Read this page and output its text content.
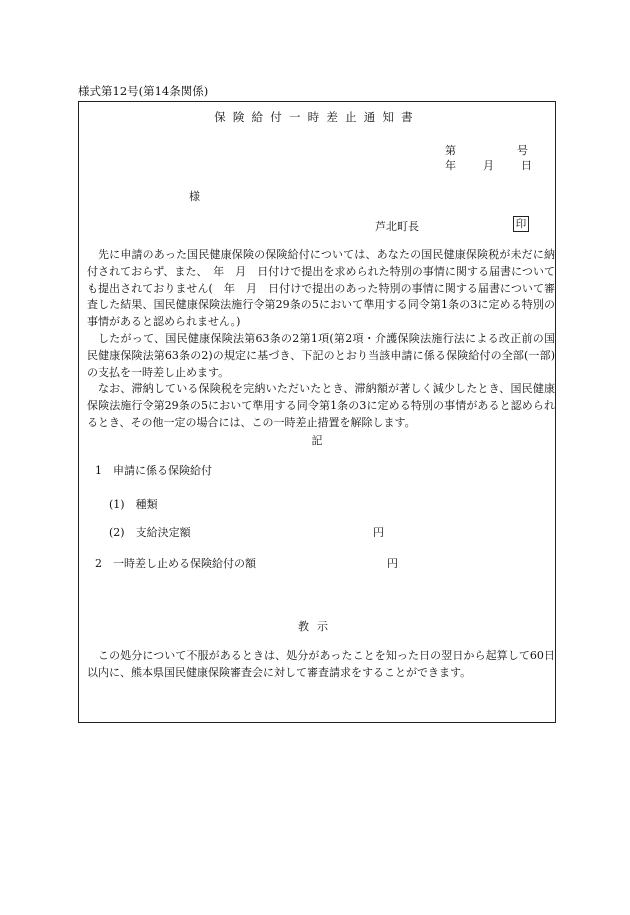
様式第12号(第14条関係)
保険給付一時差止通知書
第	号
年 月 日
様
芦北町長	印

先に申請のあった国民健康保険の保険給付については、あなたの国民健康保険税が未だに納付されておらず、また、　年　月　日付けで提出を求められた特別の事情に関する届書についても提出されておりません(　年　月　日付けで提出のあった特別の事情に関する届書について審査した結果、国民健康保険法施行令第29条の5において準用する同令第1条の3に定める特別の事情があると認められません。)

したがって、国民健康保険法第63条の2第1項(第2項・介護保険法施行法による改正前の国民健康保険法第63条の2)の規定に基づき、下記のとおり当該申請に係る保険給付の全部(一部)の支払を一時差し止めます。

なお、滞納している保険税を完納いただいたとき、滞納額が著しく減少したとき、国民健康保険法施行令第29条の5において準用する同令第1条の3に定める特別の事情があると認められるとき、その他一定の場合には、この一時差止措置を解除します。

記
1　申請に係る保険給付
(1)　種類
(2)　支給決定額	円
2　一時差し止める保険給付の額	円
教示

この処分について不服があるときは、処分があったことを知った日の翌日から起算して60日以内に、熊本県国民健康保険審査会に対して審査請求をすることができます。
